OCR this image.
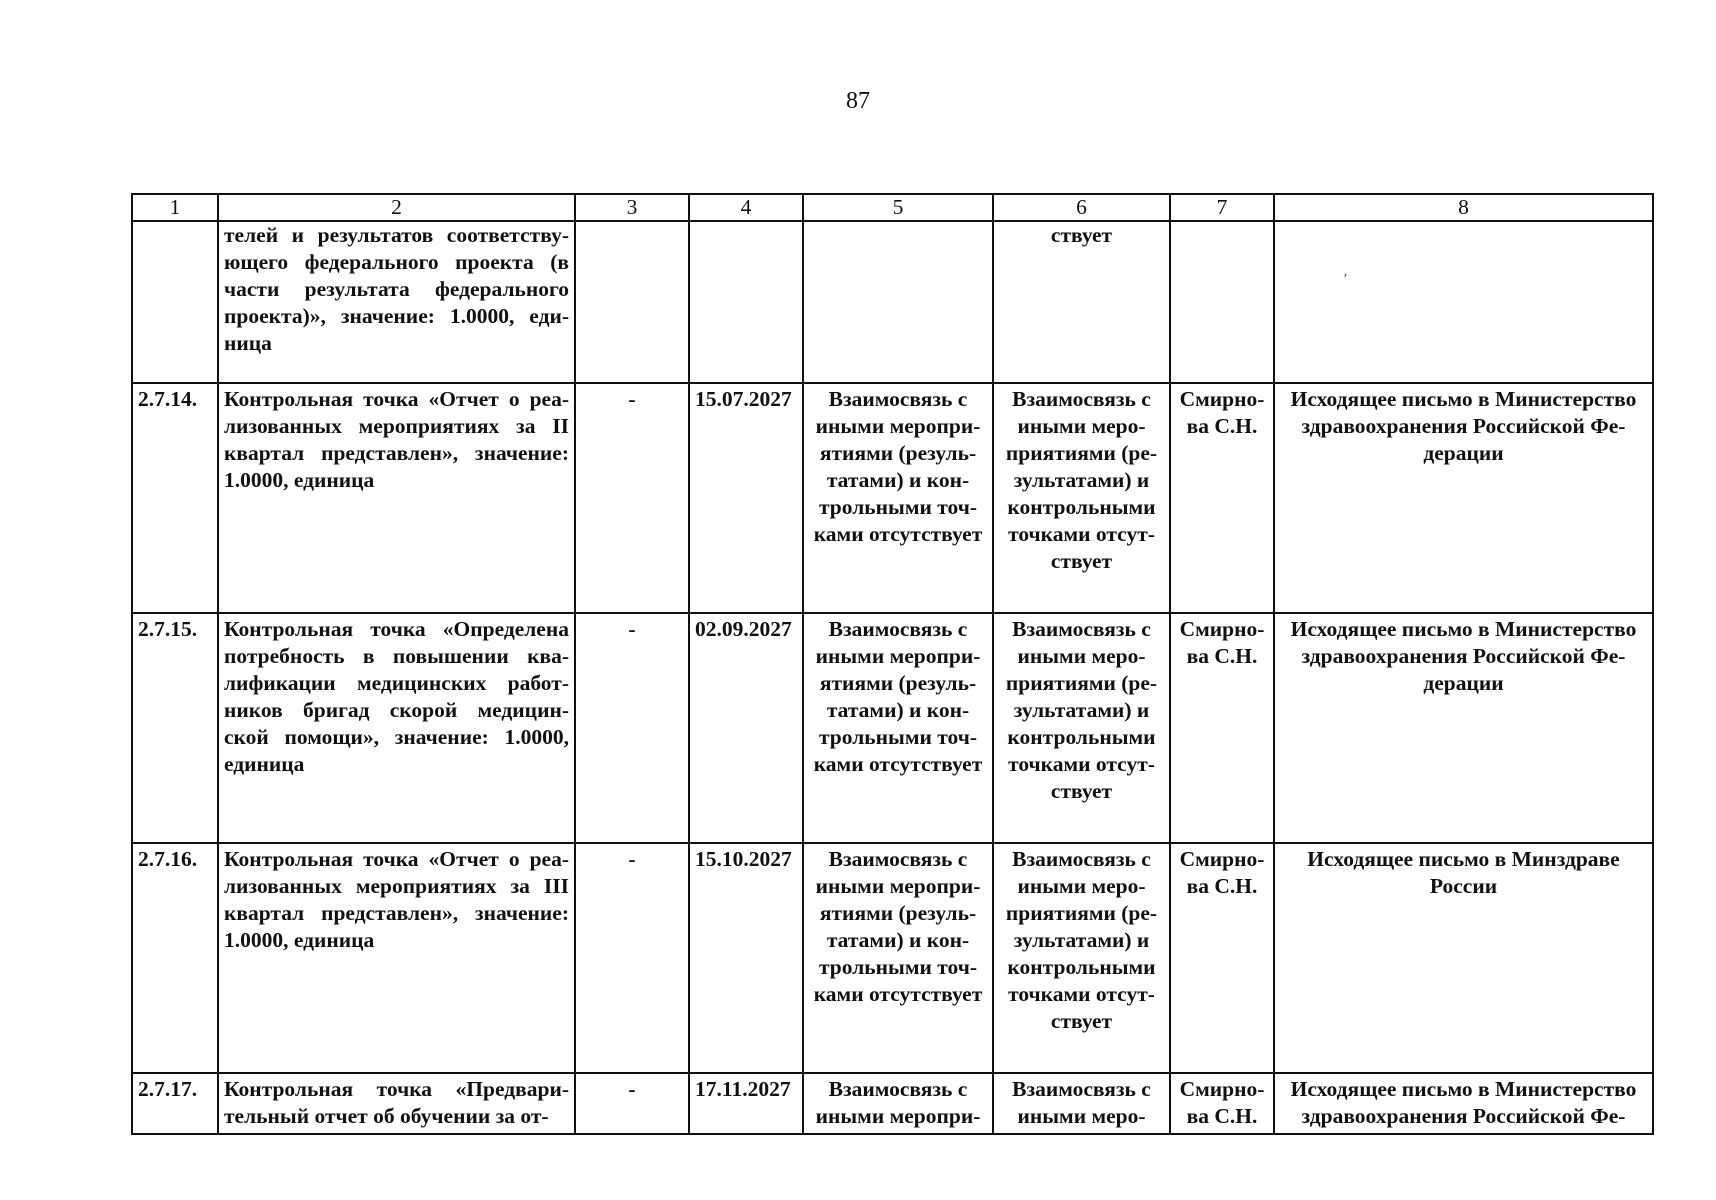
87
ʼ
1	2	3	4	5	6	7	8
	телей и результатов соответству-ющего федерального проекта (в части результата федерального проекта)», значение: 1.0000, еди-ница				ствует		
2.7.14.	Контрольная точка «Отчет о реа-лизованных мероприятиях за II квартал представлен», значение: 1.0000, единица	-	15.07.2027	Взаимосвязь с иными меропри-ятиями (резуль-татами) и кон-трольными точ-ками отсутствует	Взаимосвязь с иными меро-приятиями (ре-зультатами) и контрольными точками отсут-ствует	Смирно-ва С.Н.	Исходящее письмо в Министерство здравоохранения Российской Фе-дерации
2.7.15.	Контрольная точка «Определена потребность в повышении ква-лификации медицинских работ-ников бригад скорой медицин-ской помощи», значение: 1.0000, единица	-	02.09.2027	Взаимосвязь с иными меропри-ятиями (резуль-татами) и кон-трольными точ-ками отсутствует	Взаимосвязь с иными меро-приятиями (ре-зультатами) и контрольными точками отсут-ствует	Смирно-ва С.Н.	Исходящее письмо в Министерство здравоохранения Российской Фе-дерации
2.7.16.	Контрольная точка «Отчет о реа-лизованных мероприятиях за III квартал представлен», значение: 1.0000, единица	-	15.10.2027	Взаимосвязь с иными меропри-ятиями (резуль-татами) и кон-трольными точ-ками отсутствует	Взаимосвязь с иными меро-приятиями (ре-зультатами) и контрольными точками отсут-ствует	Смирно-ва С.Н.	Исходящее письмо в Минздраве России
2.7.17.	Контрольная точка «Предвари-тельный отчет об обучении за от-	-	17.11.2027	Взаимосвязь с иными меропри-	Взаимосвязь с иными меро-	Смирно-ва С.Н.	Исходящее письмо в Министерство здравоохранения Российской Фе-
